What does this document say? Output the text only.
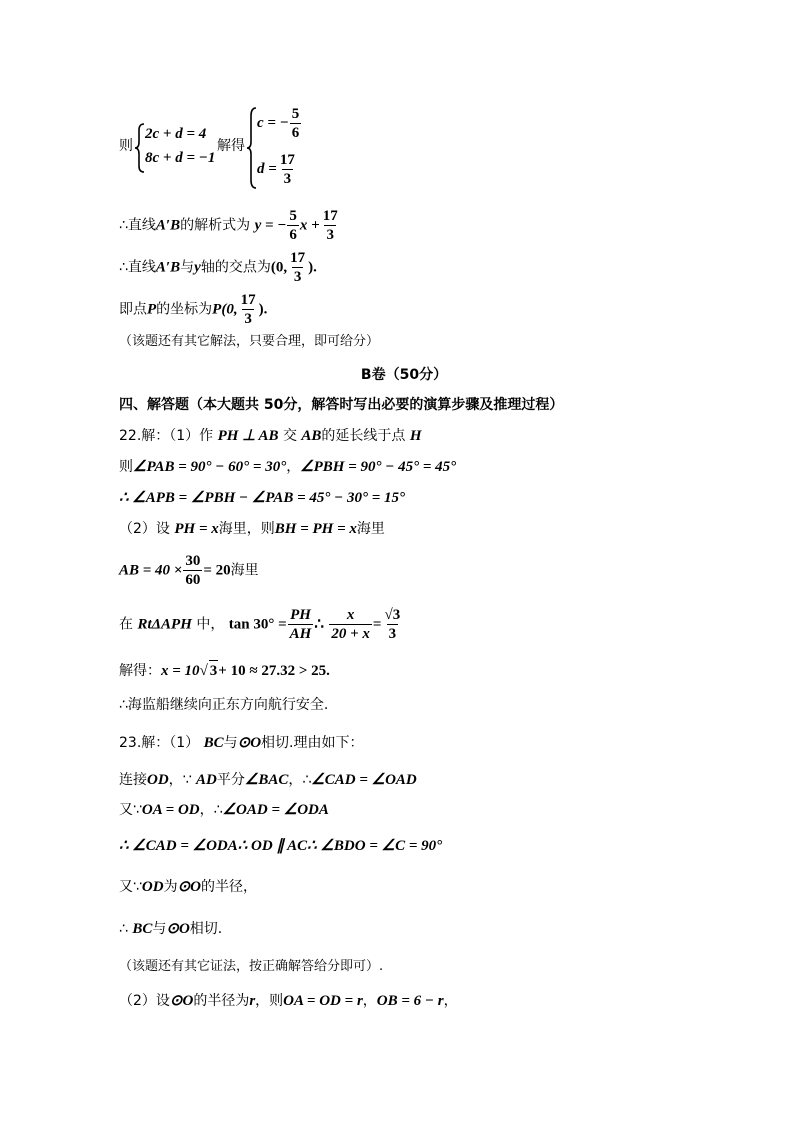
则
2c + d = 4
8c + d = −1
解得
c = − $\frac{5}{6}$
$d = \frac{17}{3}$
∴直线A′B的解析式为 y = − $\frac{5}{6}$ $x + \frac{17}{3}$
∴直线A′B与y轴的交点为(0, $\frac{17}{3}$ ).
即点P的坐标为P(0, $\frac{17}{3}$ ).
（该题还有其它解法，只要合理，即可给分）
B卷（50分）
四、解答题（本大题共 50分，解答时写出必要的演算步骤及推理过程）
22.解：（1）作 PH ⊥ AB 交 AB的延长线于点 H
则∠PAB = 90° − 60° = 30°，∠PBH = 90° − 45° = 45°
∴ ∠APB = ∠PBH − ∠PAB = 45° − 30° = 15°
（2）设 PH = x海里，则BH = PH = x海里
AB = $40 \times \frac{30}{60} = 20$海里
在 RtΔAPH 中， $\tan 30^\circ = \frac{PH}{AH}$ ∴ $\frac{x}{20 + x} = \frac{√3}{3}$
解得：x = 10√ 3+ 10 ≈ 27.32 > 25.
∴海监船继续向正东方向航行安全.
23.解：（1） BC与⊙O相切.理由如下：
连接OD，∵ AD平分∠BAC，∴∠CAD = ∠OAD
又∵OA = OD，∴∠OAD = ∠ODA
∴ ∠CAD = ∠ODA∴ OD ∥ AC∴ ∠BDO = ∠C = 90°
又∵OD为⊙O的半径，
∴ BC与⊙O相切.
（该题还有其它证法，按正确解答给分即可）.
（2）设⊙O的半径为r，则OA = OD = r，OB = 6 − r，
